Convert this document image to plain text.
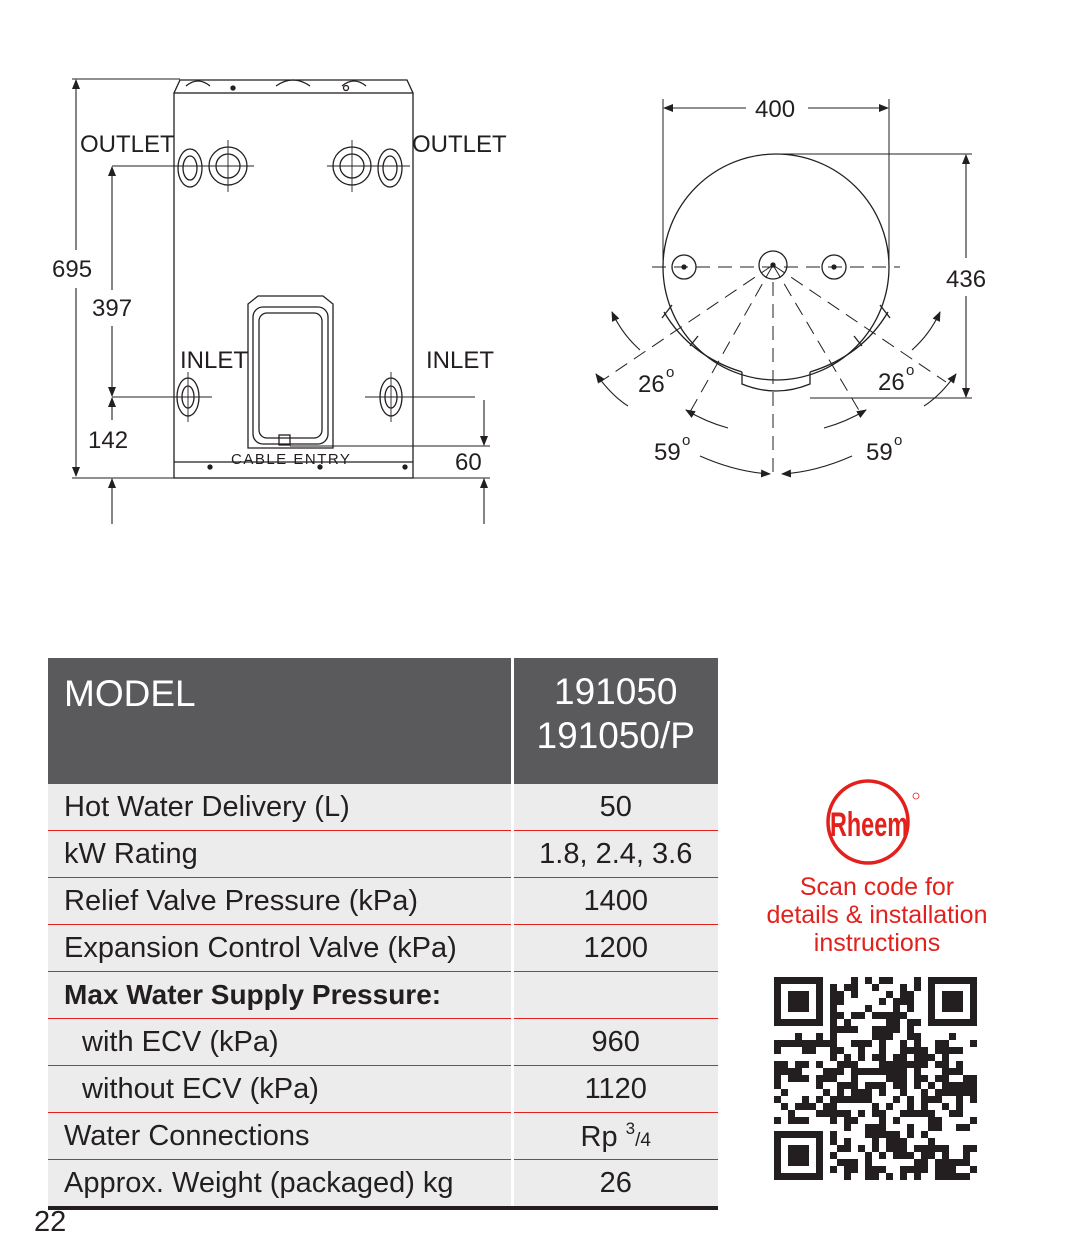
OUTLET	OUTLET
INLET	INLET
695
397
142
60
CABLE ENTRY
400
436
26	26
59	59
o	o
o	o
MODEL	191050
191050/P

Hot Water Delivery (L)	50
kW Rating	1.8, 2.4, 3.6
Relief Valve Pressure (kPa)	1400
Expansion Control Valve (kPa)	1200
Max Water Supply Pressure:	
with ECV (kPa)	960
without ECV (kPa)	1120
Water Connections	Rp $^3$/4
Approx. Weight (packaged) kg	26
22
Rheem
Scan code for
details & installation
instructions
